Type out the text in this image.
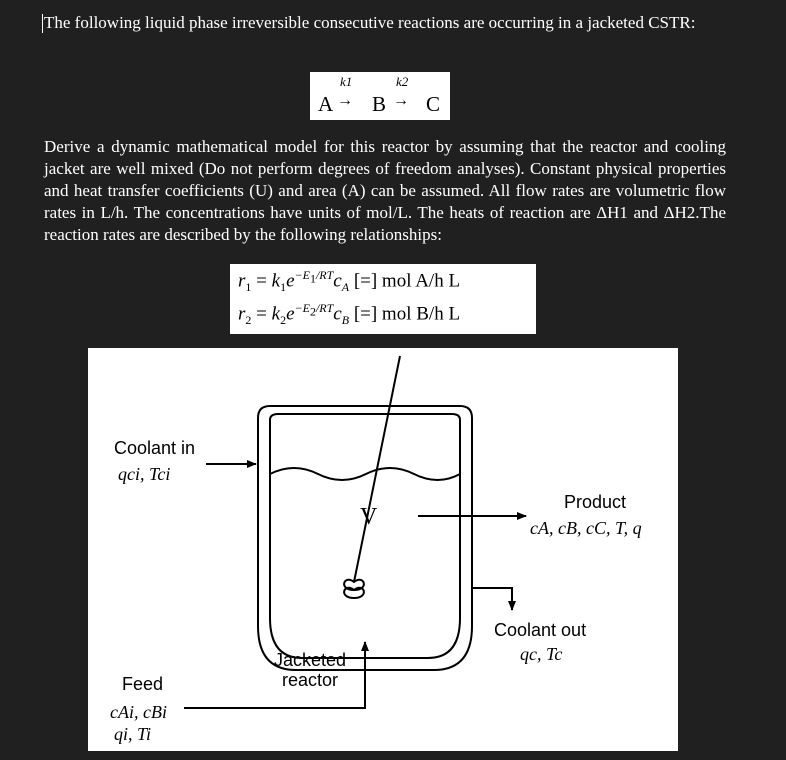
The following liquid phase irreversible consecutive reactions are occurring in a jacketed CSTR:

A →
k1
B →
k2
C

Derive a dynamic mathematical model for this reactor by assuming that the reactor and cooling jacket are well mixed (Do not perform degrees of freedom analyses). Constant physical properties and heat transfer coefficients (U) and area (A) can be assumed. All flow rates are volumetric flow rates in L/h. The concentrations have units of mol/L. The heats of reaction are ΔH1 and ΔH2.The reaction rates are described by the following relationships:

$r_1 = k_1e^{-E_1/RT}c_A$ [=] mol A/h L
$r_2 = k_2e^{-E_2/RT}c_B$ [=] mol B/h L
Coolant in
qci, Tci
V
Product
cA, cB, cC, T, q
Coolant out
qc, Tc
Jacketed
reactor
Feed
cAi, cBi
qi, Ti
